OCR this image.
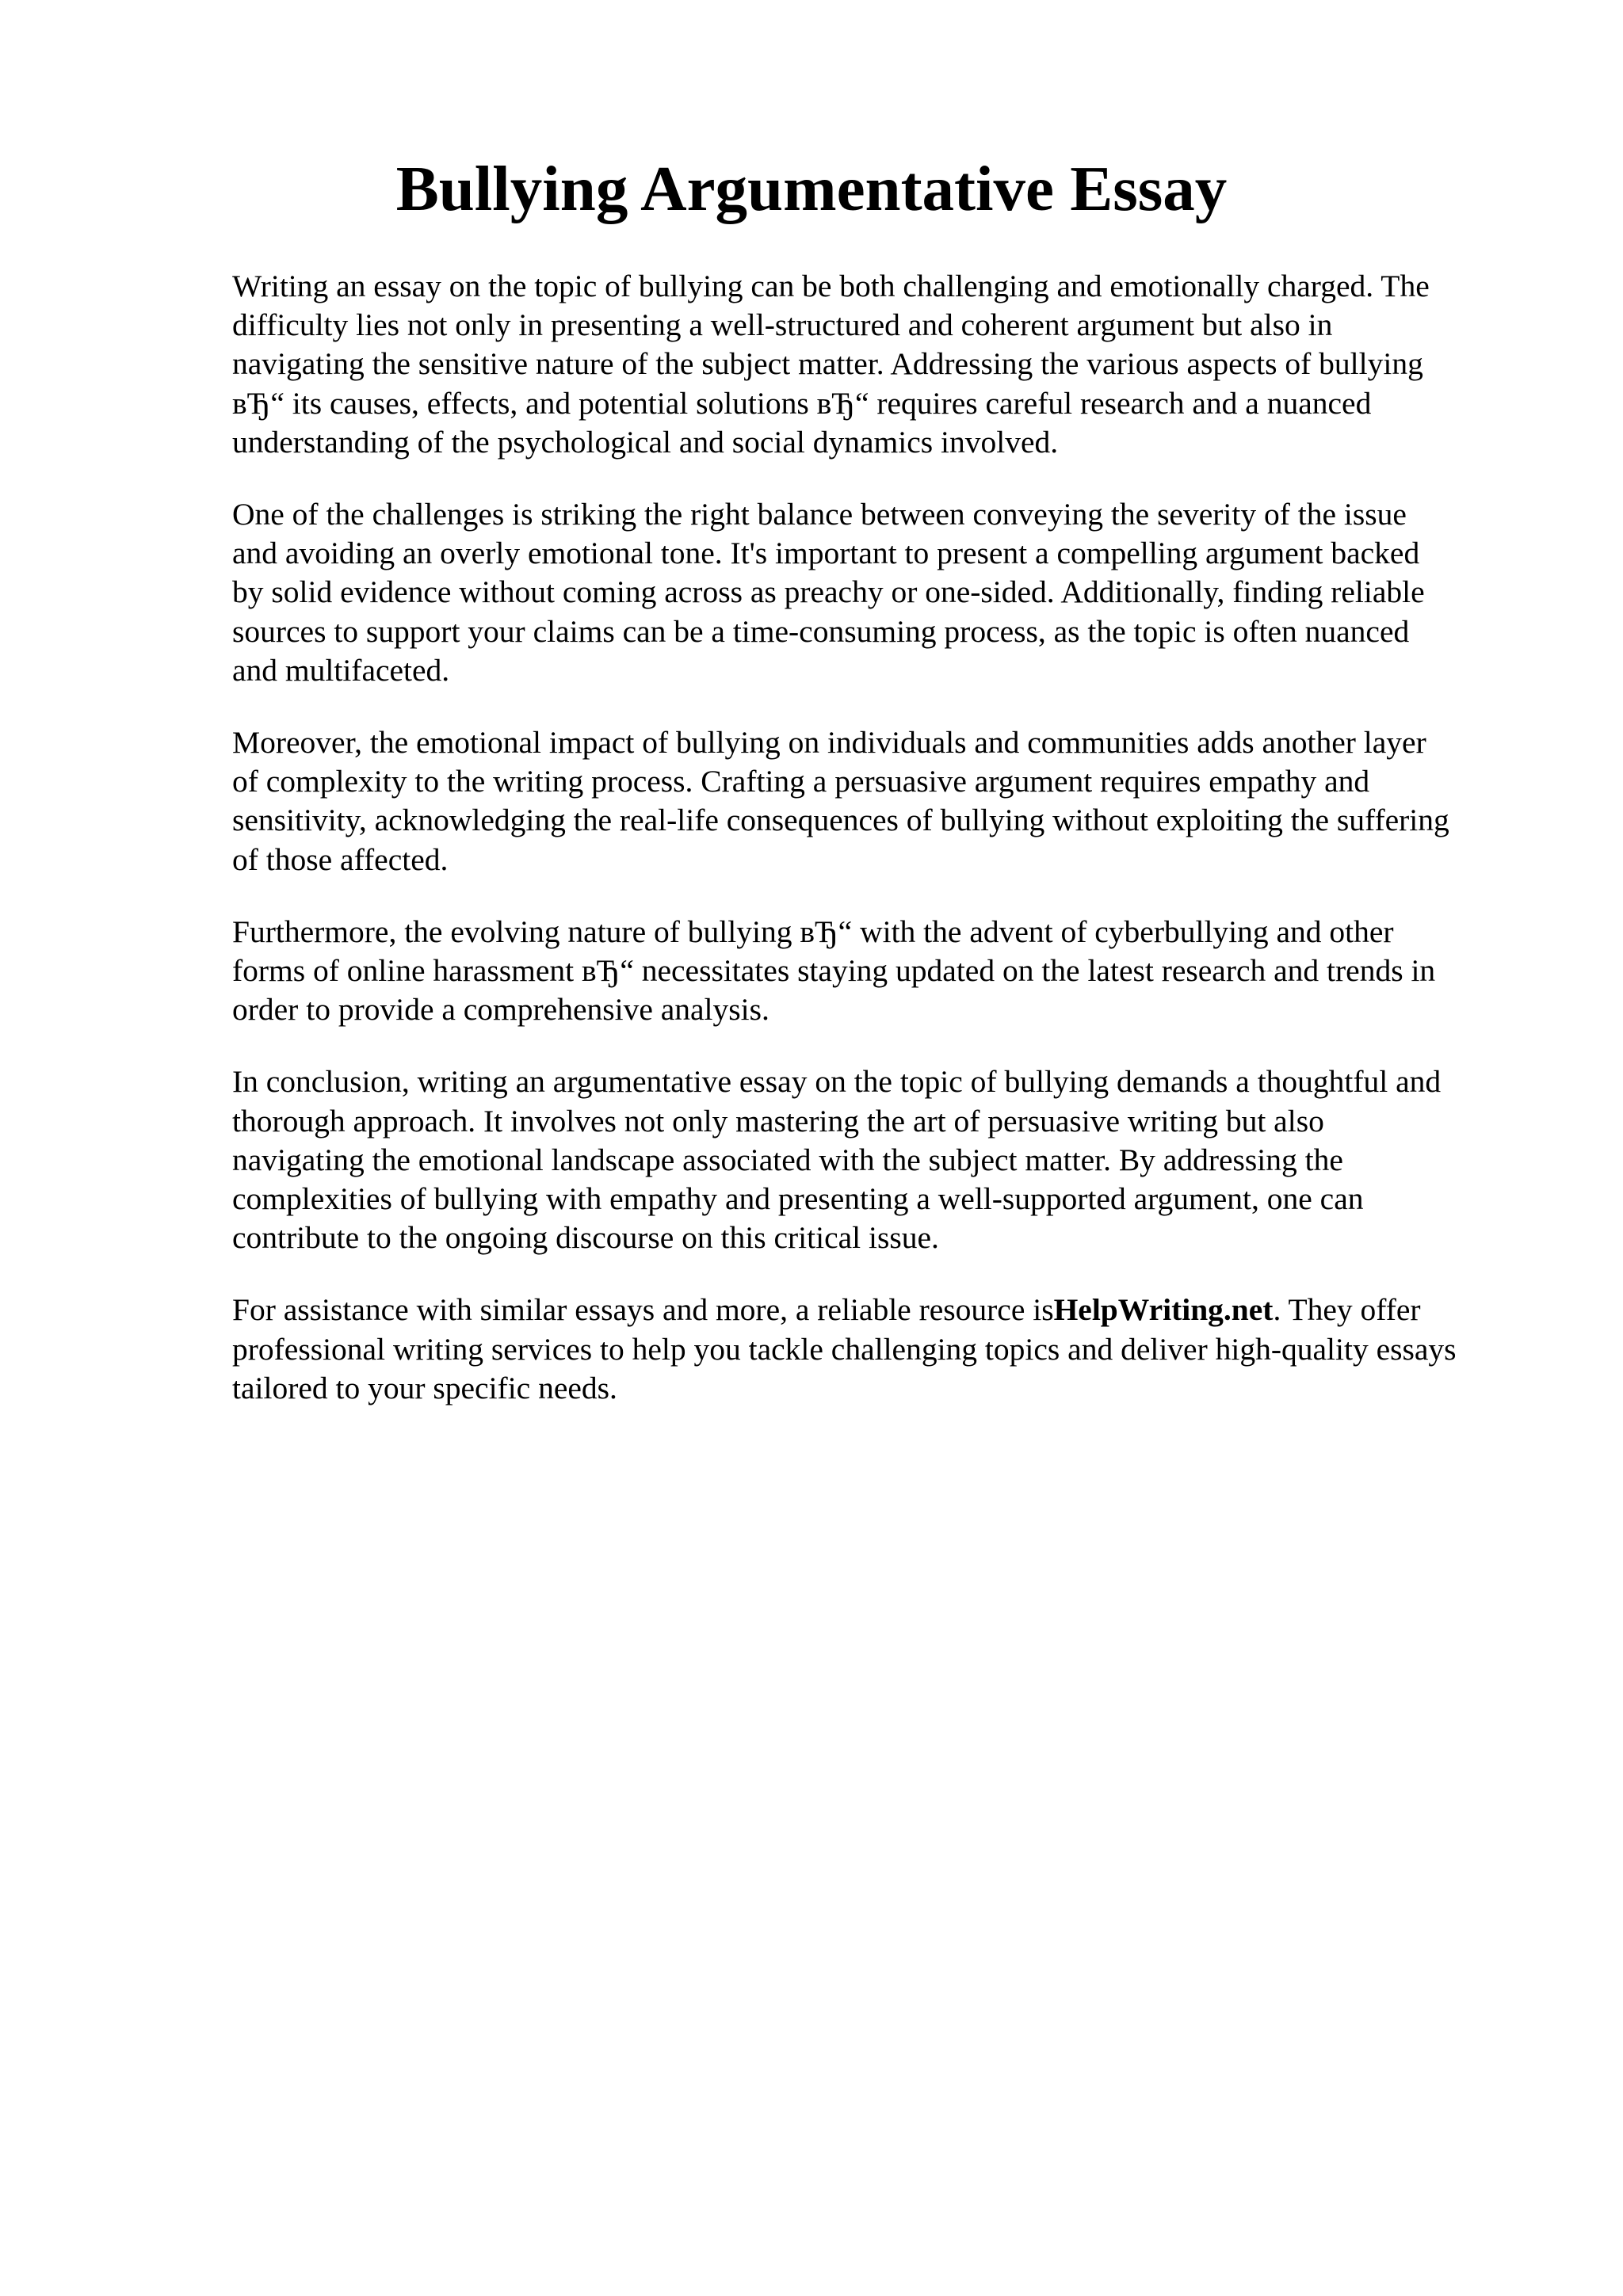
Bullying Argumentative Essay

Writing an essay on the topic of bullying can be both challenging and emotionally charged. The
difficulty lies not only in presenting a well-structured and coherent argument but also in
navigating the sensitive nature of the subject matter. Addressing the various aspects of bullying
вЂ“ its causes, effects, and potential solutions вЂ“ requires careful research and a nuanced
understanding of the psychological and social dynamics involved.

One of the challenges is striking the right balance between conveying the severity of the issue
and avoiding an overly emotional tone. It's important to present a compelling argument backed
by solid evidence without coming across as preachy or one-sided. Additionally, finding reliable
sources to support your claims can be a time-consuming process, as the topic is often nuanced
and multifaceted.

Moreover, the emotional impact of bullying on individuals and communities adds another layer
of complexity to the writing process. Crafting a persuasive argument requires empathy and
sensitivity, acknowledging the real-life consequences of bullying without exploiting the suffering
of those affected.

Furthermore, the evolving nature of bullying вЂ“ with the advent of cyberbullying and other
forms of online harassment вЂ“ necessitates staying updated on the latest research and trends in
order to provide a comprehensive analysis.

In conclusion, writing an argumentative essay on the topic of bullying demands a thoughtful and
thorough approach. It involves not only mastering the art of persuasive writing but also
navigating the emotional landscape associated with the subject matter. By addressing the
complexities of bullying with empathy and presenting a well-supported argument, one can
contribute to the ongoing discourse on this critical issue.

For assistance with similar essays and more, a reliable resource isHelpWriting.net. They offer
professional writing services to help you tackle challenging topics and deliver high-quality essays
tailored to your specific needs.
